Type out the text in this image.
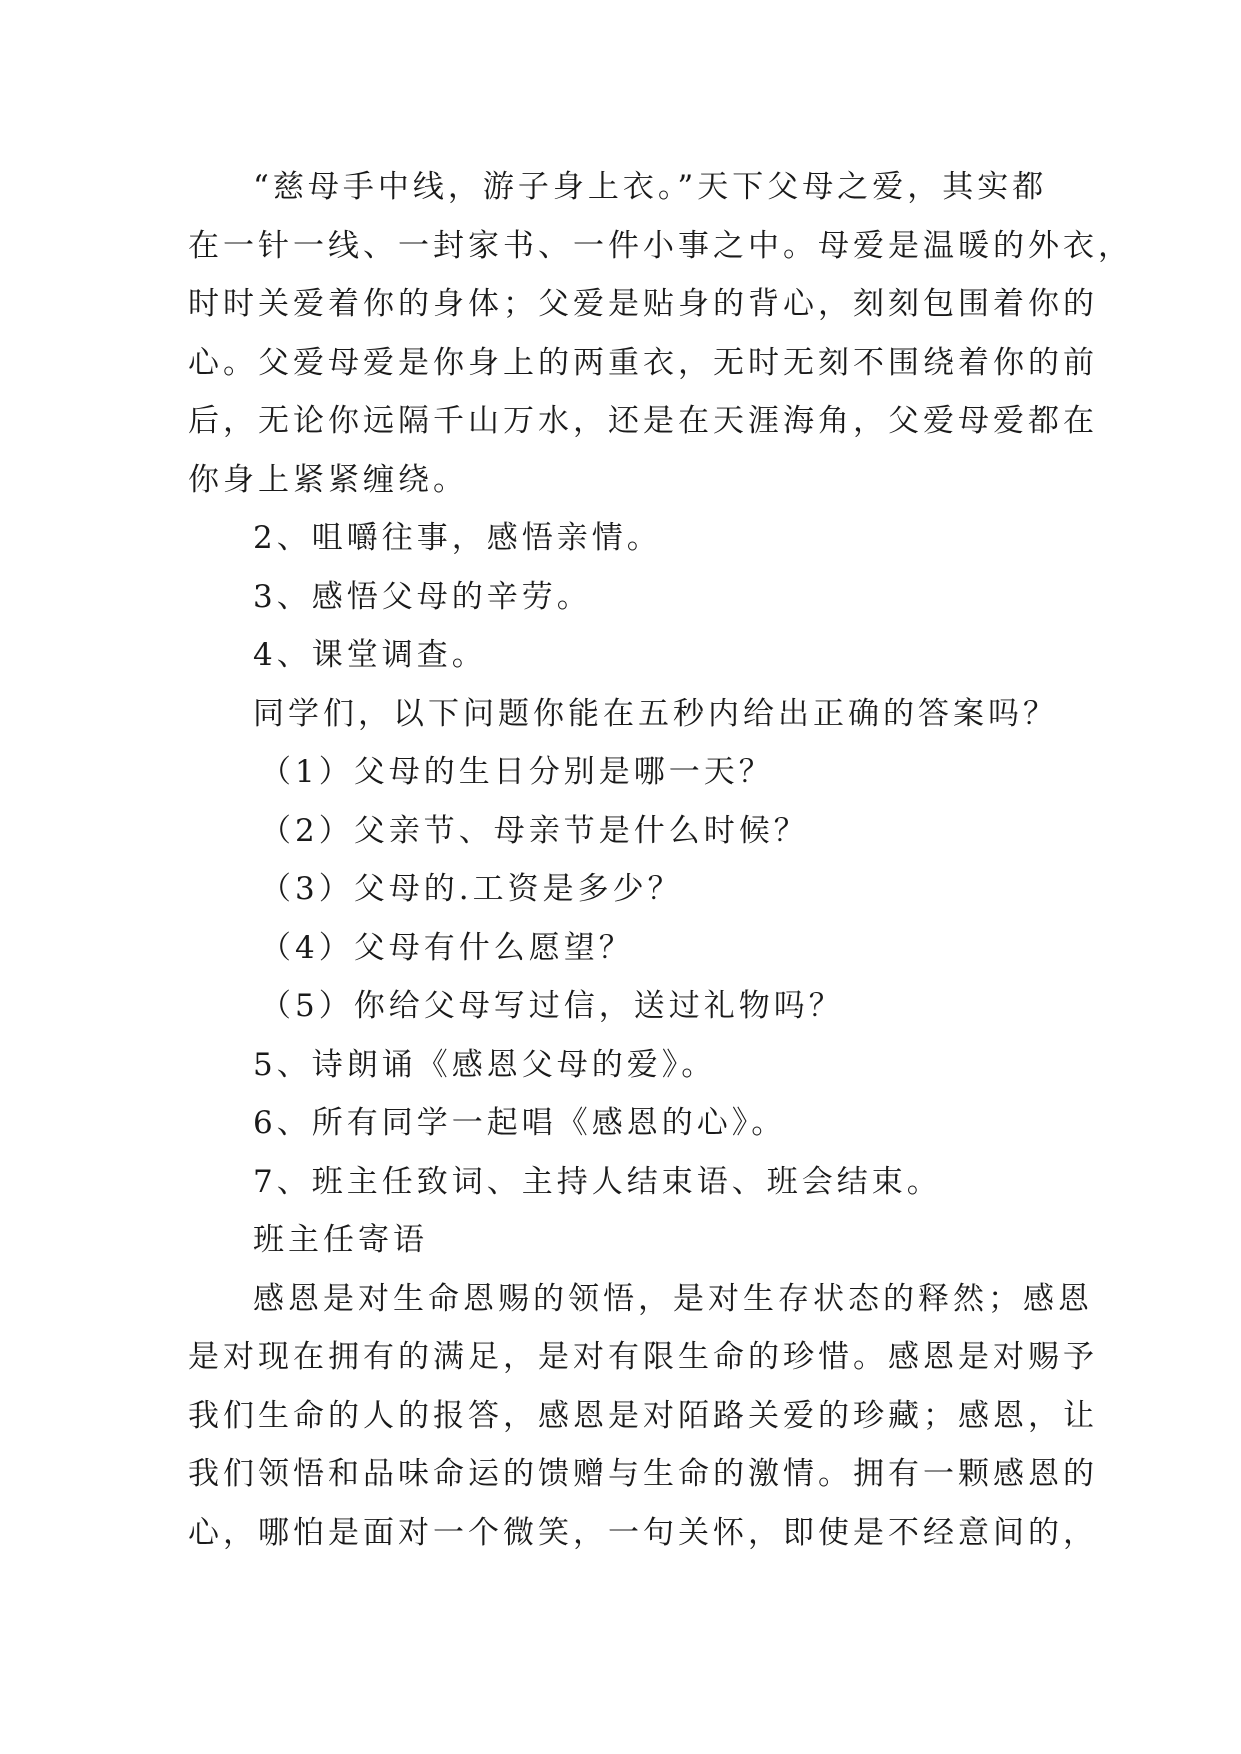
“慈母手中线，游子身上衣。”天下父母之爱，其实都
在一针一线、一封家书、一件小事之中。母爱是温暖的外衣，
时时关爱着你的身体；父爱是贴身的背心，刻刻包围着你的
心。父爱母爱是你身上的两重衣，无时无刻不围绕着你的前
后，无论你远隔千山万水，还是在天涯海角，父爱母爱都在
你身上紧紧缠绕。
2、咀嚼往事，感悟亲情。
3、感悟父母的辛劳。
4、课堂调查。
同学们，以下问题你能在五秒内给出正确的答案吗？
（1）父母的生日分别是哪一天？
（2）父亲节、母亲节是什么时候？
（3）父母的.工资是多少？
（4）父母有什么愿望？
（5）你给父母写过信，送过礼物吗？
5、诗朗诵《感恩父母的爱》。
6、所有同学一起唱《感恩的心》。
7、班主任致词、主持人结束语、班会结束。
班主任寄语
感恩是对生命恩赐的领悟，是对生存状态的释然；感恩
是对现在拥有的满足，是对有限生命的珍惜。感恩是对赐予
我们生命的人的报答，感恩是对陌路关爱的珍藏；感恩，让
我们领悟和品味命运的馈赠与生命的激情。拥有一颗感恩的
心，哪怕是面对一个微笑，一句关怀，即使是不经意间的，
